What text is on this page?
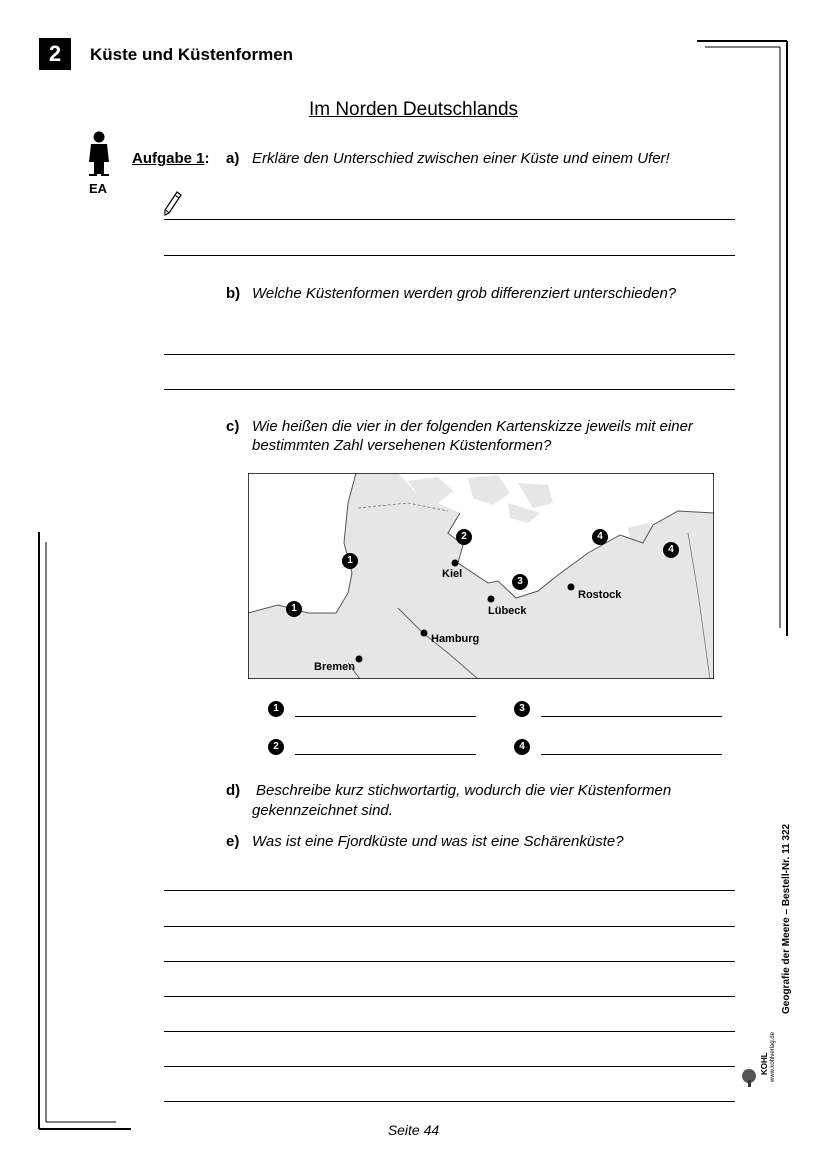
2	Küste und Küstenformen
Im Norden Deutschlands
EA
Aufgabe 1: a) Erkläre den Unterschied zwischen einer Küste und einem Ufer!
b) Welche Küstenformen werden grob differenziert unterschieden?
c) Wie heißen die vier in der folgenden Kartenskizze jeweils mit einer
bestimmten Zahl versehenen Küstenformen?
1
1
2
3
4
4
Kiel
Lübeck
Rostock
Hamburg
Bremen
1	3
2	4
d) Beschreibe kurz stichwortartig, wodurch die vier Küstenformen
gekennzeichnet sind.
e) Was ist eine Fjordküste und was ist eine Schärenküste?	Geografie der Meere – Bestell-Nr. 11 322
KOHL www.kohlverlag.de
Seite 44
